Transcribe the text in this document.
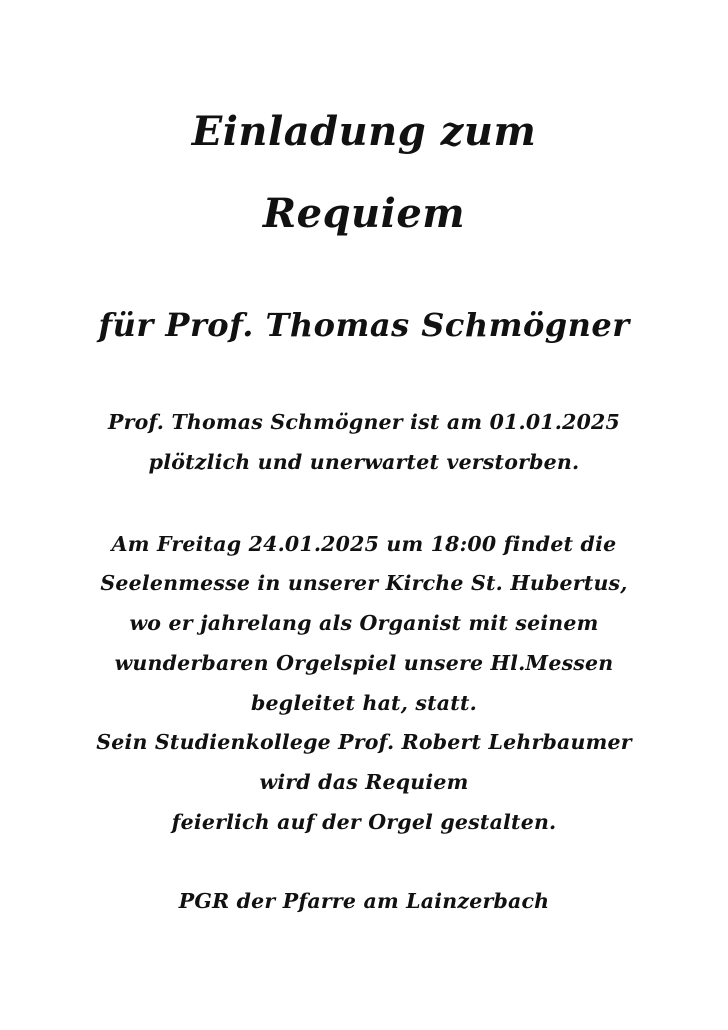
Einladung zum
Requiem
für Prof. Thomas Schmögner
Prof. Thomas Schmögner ist am 01.01.2025
plötzlich und unerwartet verstorben.
Am Freitag 24.01.2025 um 18:00 findet die
Seelenmesse in unserer Kirche St. Hubertus,
wo er jahrelang als Organist mit seinem
wunderbaren Orgelspiel unsere Hl.Messen
begleitet hat, statt.
Sein Studienkollege Prof. Robert Lehrbaumer
wird das Requiem
feierlich auf der Orgel gestalten.
PGR der Pfarre am Lainzerbach
